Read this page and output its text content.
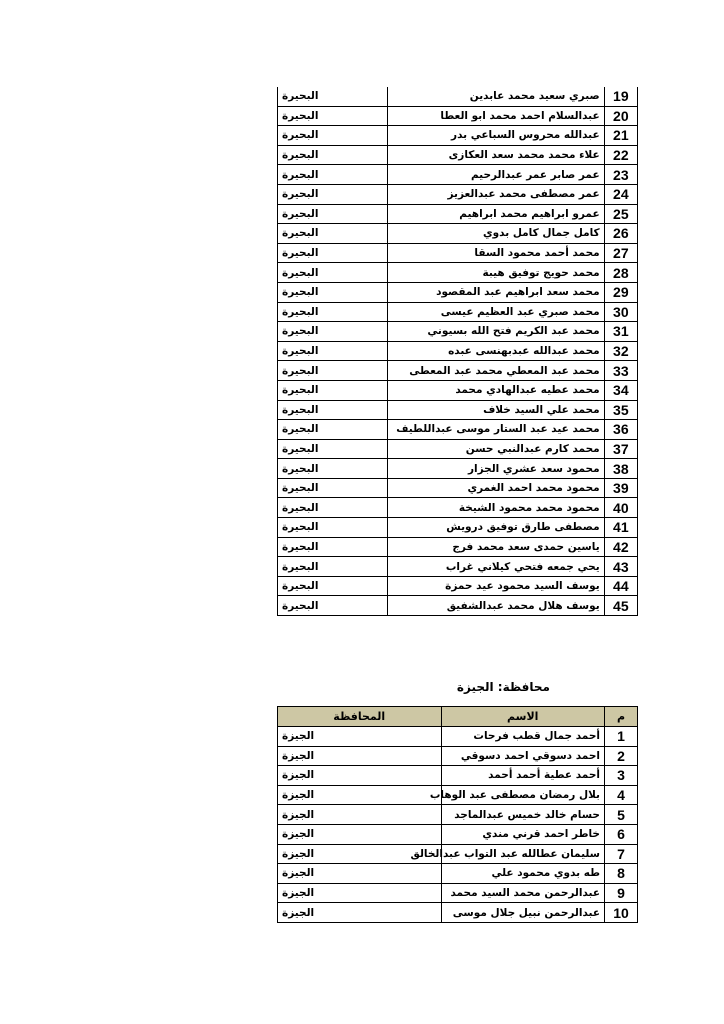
19	صبري سعيد محمد عابدين	البحيرة
20	عبدالسلام احمد محمد ابو العطا	البحيرة
21	عبدالله محروس السباعي بدر	البحيرة
22	علاء محمد محمد سعد العكازى	البحيرة
23	عمر صابر عمر عبدالرحيم	البحيرة
24	عمر مصطفى محمد عبدالعزيز	البحيرة
25	عمرو ابراهيم محمد ابراهيم	البحيرة
26	كامل جمال كامل بدوي	البحيرة
27	محمد أحمد محمود السقا	البحيرة
28	محمد حويج توفيق هيبة	البحيرة
29	محمد سعد ابراهيم عبد المقصود	البحيرة
30	محمد صبري عبد العظيم عيسى	البحيرة
31	محمد عبد الكريم فتح الله بسيوني	البحيرة
32	محمد عبدالله عبدبهنسى عبده	البحيرة
33	محمد عبد المعطي محمد عبد المعطى	البحيرة
34	محمد عطيه عبدالهادي محمد	البحيرة
35	محمد علي السيد خلاف	البحيرة
36	محمد عيد عبد الستار موسى عبداللطيف	البحيرة
37	محمد كارم عبدالنبي حسن	البحيرة
38	محمود سعد عشري الجزار	البحيرة
39	محمود محمد احمد الغمري	البحيرة
40	محمود محمد محمود الشيخة	البحيرة
41	مصطفى طارق توفيق درويش	البحيرة
42	ياسين حمدى سعد محمد فرج	البحيرة
43	يحي جمعه فتحي كيلاني غراب	البحيرة
44	يوسف السيد محمود عيد حمزة	البحيرة
45	يوسف هلال محمد عبدالشفيق	البحيرة
محافظة: الجيزة
م	الاسم	المحافظة
1	أحمد جمال قطب فرحات	الجيزة
2	احمد دسوقي احمد دسوقي	الجيزة
3	أحمد عطية أحمد أحمد	الجيزة
4	بلال رمضان مصطفى عبد الوهاب	الجيزة
5	حسام خالد خميس عبدالماجد	الجيزة
6	خاطر احمد قرني مندي	الجيزة
7	سليمان عطالله عبد التواب عبدالخالق	الجيزة
8	طه بدوي محمود علي	الجيزة
9	عبدالرحمن محمد السيد محمد	الجيزة
10	عبدالرحمن نبيل جلال موسى	الجيزة
